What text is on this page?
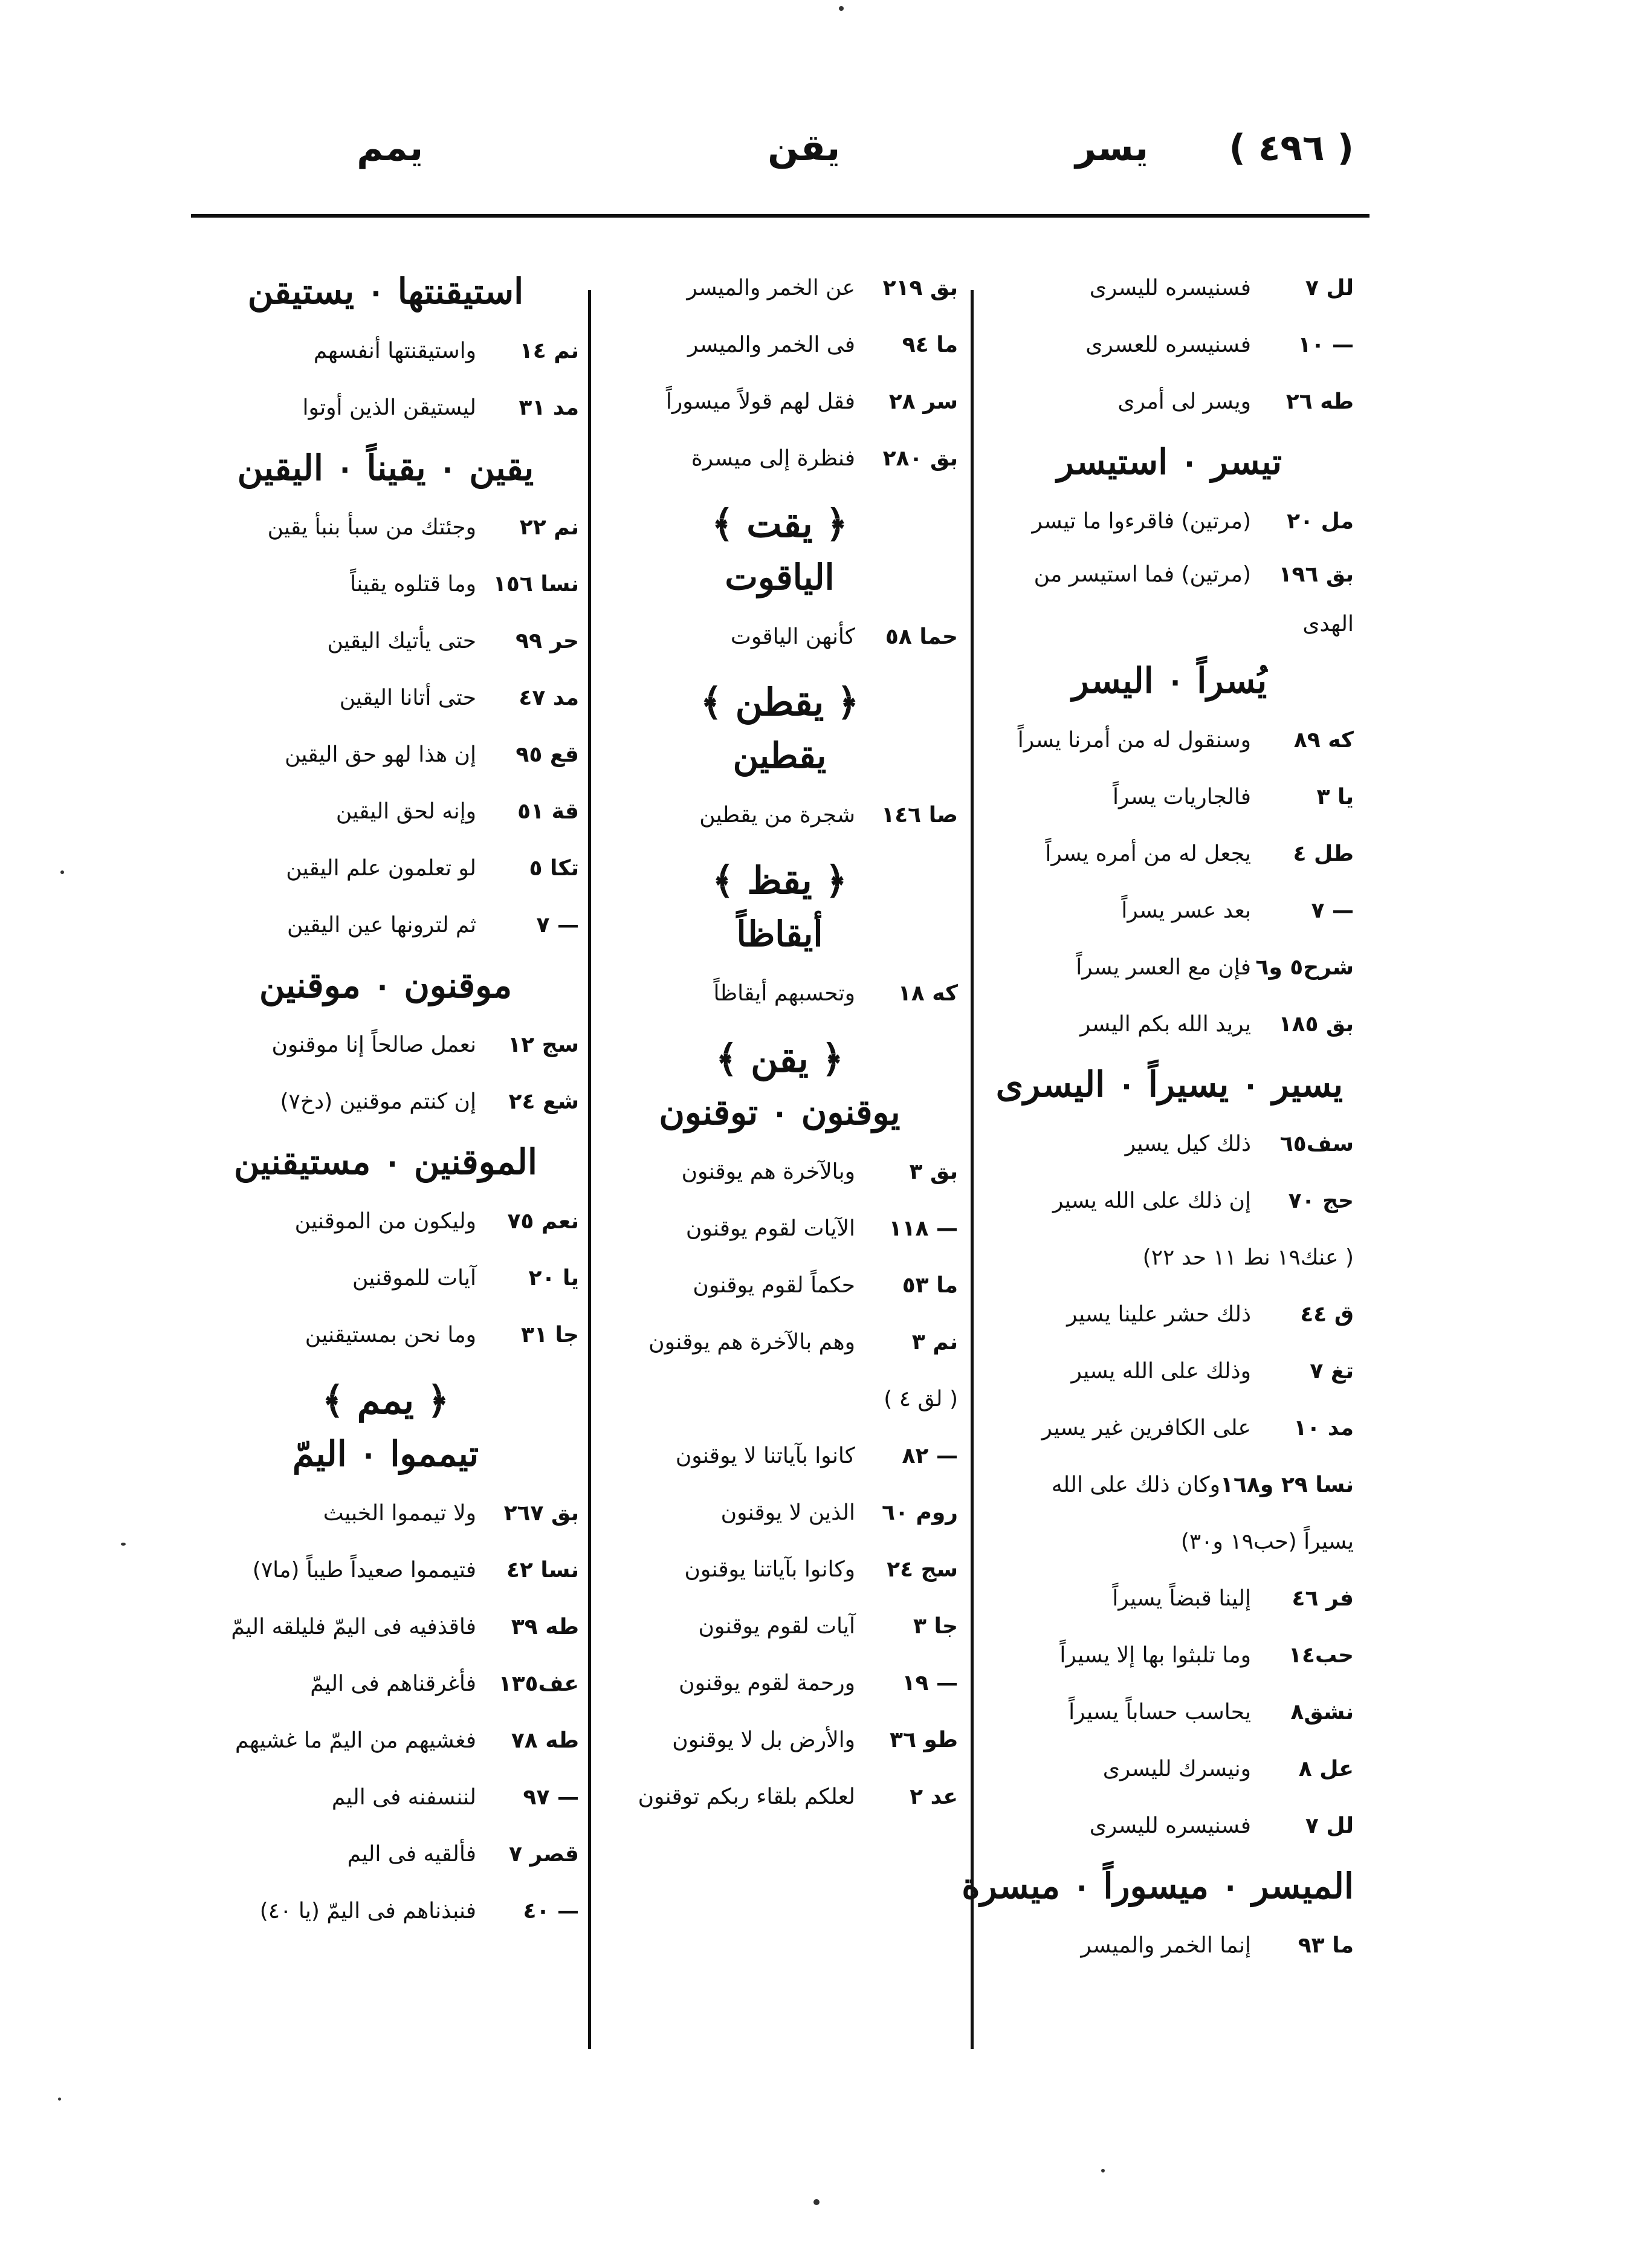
( ٤٩٦ )
يسر
يقن
يمم
ﻟﻞ ٧فسنيسره لليسرى
— ١٠فسنيسره للعسرى
طه ٢٦ويسر لى أمرى
تيسر ٠ استيسر
مل ٢٠(مرتين) فاقرءوا ما تيسر
بق ١٩٦(مرتين) فما استيسر من الهدى
يُسراً ٠ اليسر
كه ٨٩وسنقول له من أمرنا يسراً
يا ٣فالجاريات يسراً
طل ٤يجعل له من أمره يسراً
— ٧بعد عسر يسراً
شرح٥ و٦فإن مع العسر يسراً
بق ١٨٥يريد الله بكم اليسر
يسير ٠ يسيراً ٠ اليسرى
سف٦٥ذلك كيل يسير
حج ٧٠إن ذلك على الله يسير
( عنك١٩ نط ١١ حد ٢٢)
ق ٤٤ذلك حشر علينا يسير
تغ ٧وذلك على الله يسير
مد ١٠على الكافرين غير يسير
نسا ٢٩ و١٦٨وكان ذلك على الله
يسيراً (حب١٩ و٣٠)
فر ٤٦إلينا قبضاً يسيراً
حب١٤وما تلبثوا بها إلا يسيراً
نشق٨يحاسب حساباً يسيراً
عل ٨ونيسرك لليسرى
لل ٧فسنيسره لليسرى
الميسر ٠ ميسوراً ٠ ميسرة
ما ٩٣إنما الخمر والميسر
بق ٢١٩عن الخمر والميسر
ما ٩٤فى الخمر والميسر
سر ٢٨فقل لهم قولاً ميسوراً
بق ٢٨٠فنظرة إلى ميسرة
﴿ يقت ﴾
الياقوت
حما ٥٨كأنهن الياقوت
﴿ يقطن ﴾
يقطين
صا ١٤٦شجرة من يقطين
﴿ يقظ ﴾
أيقاظاً
كه ١٨وتحسبهم أيقاظاً
﴿ يقن ﴾
يوقنون ٠ توقنون
بق ٣وبالآخرة هم يوقنون
— ١١٨الآيات لقوم يوقنون
ما ٥٣حكماً لقوم يوقنون
نم ٣وهم بالآخرة هم يوقنون
( لق ٤ )
— ٨٢كانوا بآياتنا لا يوقنون
روم ٦٠الذين لا يوقنون
سج ٢٤وكانوا بآياتنا يوقنون
جا ٣آيات لقوم يوقنون
— ١٩ورحمة لقوم يوقنون
طو ٣٦والأرض بل لا يوقنون
عد ٢لعلكم بلقاء ربكم توقنون
استيقنتها ٠ يستيقن
نم ١٤واستيقنتها أنفسهم
مد ٣١ليستيقن الذين أوتوا
يقين ٠ يقيناً ٠ اليقين
نم ٢٢وجئتك من سبأ بنبأ يقين
نسا ١٥٦وما قتلوه يقيناً
حر ٩٩حتى يأتيك اليقين
مد ٤٧حتى أتانا اليقين
قع ٩٥إن هذا لهو حق اليقين
قة ٥١وإنه لحق اليقين
تكا ٥لو تعلمون علم اليقين
— ٧ثم لترونها عين اليقين
موقنون ٠ موقنين
سج ١٢نعمل صالحاً إنا موقنون
شع ٢٤إن كنتم موقنين (دخ٧)
الموقنين ٠ مستيقنين
نعم ٧٥وليكون من الموقنين
يا ٢٠آيات للموقنين
جا ٣١وما نحن بمستيقنين
﴿ يمم ﴾
تيمموا ٠ اليمّ
بق ٢٦٧ولا تيمموا الخبيث
نسا ٤٢فتيمموا صعيداً طيباً (ما٧)
طه ٣٩فاقذفيه فى اليمّ فليلقه اليمّ
عف١٣٥فأغرقناهم فى اليمّ
طه ٧٨فغشيهم من اليمّ ما غشيهم
— ٩٧لننسفنه فى اليم
قصر ٧فألقيه فى اليم
— ٤٠فنبذناهم فى اليمّ (يا ٤٠)
